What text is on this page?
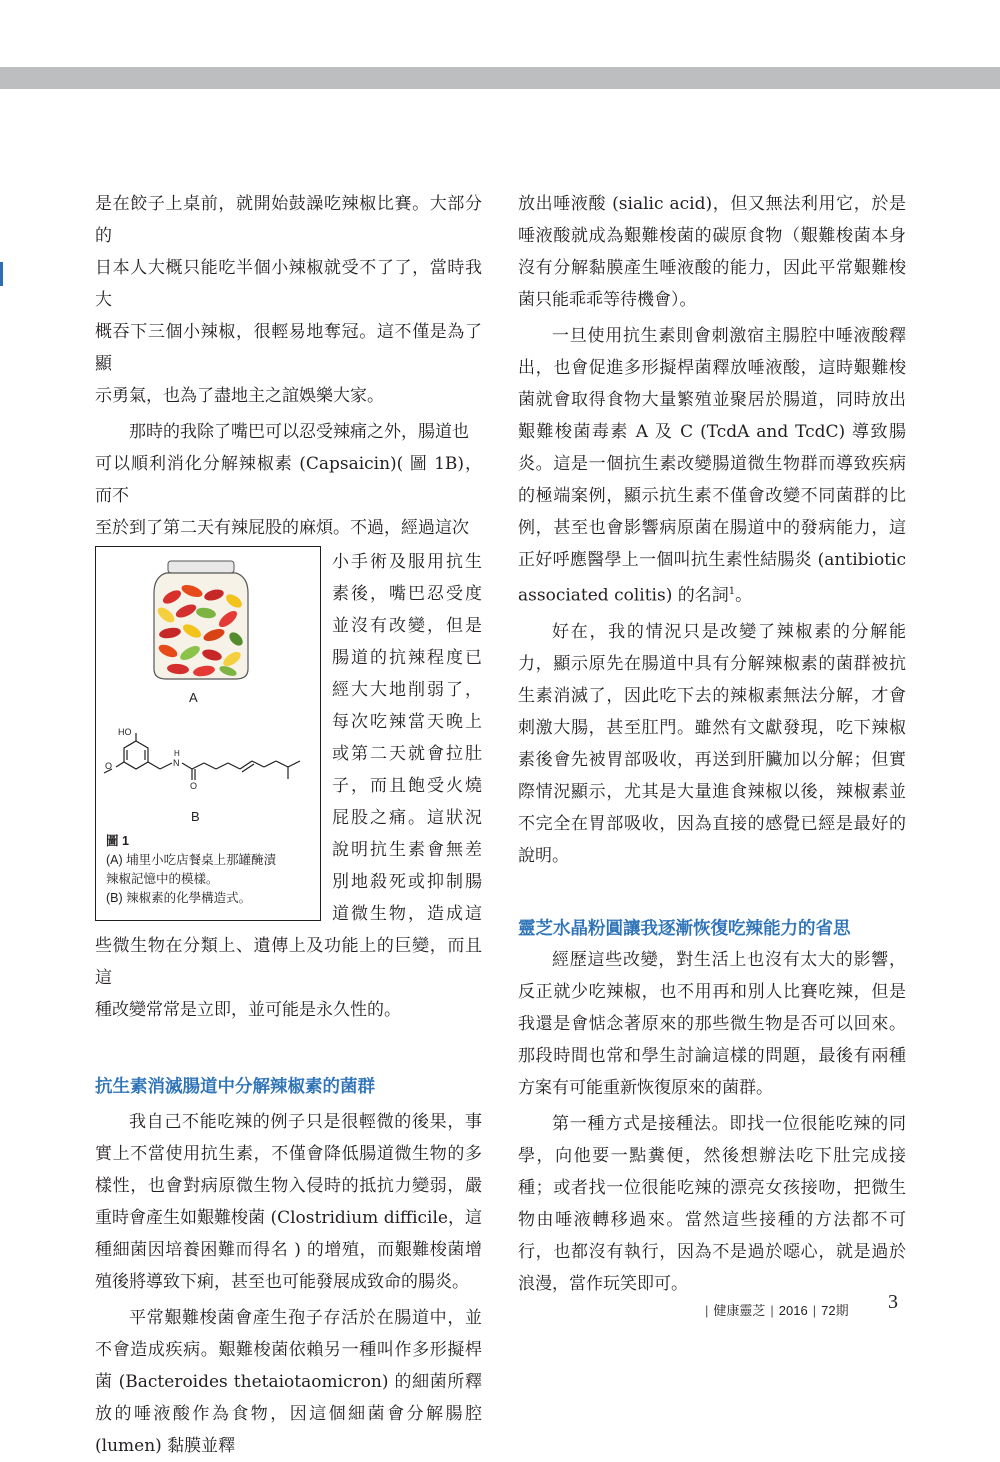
是在餃子上桌前，就開始鼓譟吃辣椒比賽。大部分的

日本人大概只能吃半個小辣椒就受不了了，當時我大

概吞下三個小辣椒，很輕易地奪冠。這不僅是為了顯

示勇氣，也為了盡地主之誼娛樂大家。

那時的我除了嘴巴可以忍受辣痛之外，腸道也

可以順利消化分解辣椒素 (Capsaicin)( 圖 1B)，而不

至於到了第二天有辣屁股的麻煩。不過，經過這次

HO
O	N
H
O
A
B
圖 1
(A) 埔里小吃店餐桌上那罐醃漬
辣椒記憶中的模樣。
(B) 辣椒素的化學構造式。

小手術及服用抗生

素後，嘴巴忍受度

並沒有改變，但是

腸道的抗辣程度已

經大大地削弱了，

每次吃辣當天晚上

或第二天就會拉肚

子，而且飽受火燒

屁股之痛。這狀況

說明抗生素會無差

別地殺死或抑制腸

道微生物，造成這

些微生物在分類上、遺傳上及功能上的巨變，而且這

種改變常常是立即，並可能是永久性的。

抗生素消滅腸道中分解辣椒素的菌群

我自己不能吃辣的例子只是很輕微的後果，事實上不當使用抗生素，不僅會降低腸道微生物的多樣性，也會對病原微生物入侵時的抵抗力變弱，嚴重時會產生如艱難梭菌 (Clostridium difficile，這種細菌因培養困難而得名 ) 的增殖，而艱難梭菌增殖後將導致下痢，甚至也可能發展成致命的腸炎。

平常艱難梭菌會產生孢子存活於在腸道中，並不會造成疾病。艱難梭菌依賴另一種叫作多形擬桿菌 (Bacteroides thetaiotaomicron) 的細菌所釋放的唾液酸作為食物，因這個細菌會分解腸腔 (lumen) 黏膜並釋

放出唾液酸 (sialic acid)，但又無法利用它，於是唾液酸就成為艱難梭菌的碳原食物（艱難梭菌本身沒有分解黏膜產生唾液酸的能力，因此平常艱難梭菌只能乖乖等待機會）。

一旦使用抗生素則會刺激宿主腸腔中唾液酸釋出，也會促進多形擬桿菌釋放唾液酸，這時艱難梭菌就會取得食物大量繁殖並聚居於腸道，同時放出艱難梭菌毒素 A 及 C (TcdA and TcdC) 導致腸炎。這是一個抗生素改變腸道微生物群而導致疾病的極端案例，顯示抗生素不僅會改變不同菌群的比例，甚至也會影響病原菌在腸道中的發病能力，這正好呼應醫學上一個叫抗生素性結腸炎 (antibiotic associated colitis) 的名詞$^1$。

好在，我的情況只是改變了辣椒素的分解能力，顯示原先在腸道中具有分解辣椒素的菌群被抗生素消滅了，因此吃下去的辣椒素無法分解，才會刺激大腸，甚至肛門。雖然有文獻發現，吃下辣椒素後會先被胃部吸收，再送到肝臟加以分解；但實際情況顯示，尤其是大量進食辣椒以後，辣椒素並不完全在胃部吸收，因為直接的感覺已經是最好的說明。

靈芝水晶粉圓讓我逐漸恢復吃辣能力的省思

經歷這些改變，對生活上也沒有太大的影響，反正就少吃辣椒，也不用再和別人比賽吃辣，但是我還是會惦念著原來的那些微生物是否可以回來。那段時間也常和學生討論這樣的問題，最後有兩種方案有可能重新恢復原來的菌群。

第一種方式是接種法。即找一位很能吃辣的同學，向他要一點糞便，然後想辦法吃下肚完成接種；或者找一位很能吃辣的漂亮女孩接吻，把微生物由唾液轉移過來。當然這些接種的方法都不可行，也都沒有執行，因為不是過於噁心，就是過於浪漫，當作玩笑即可。

| 健康靈芝 | 2016 | 72期 3
